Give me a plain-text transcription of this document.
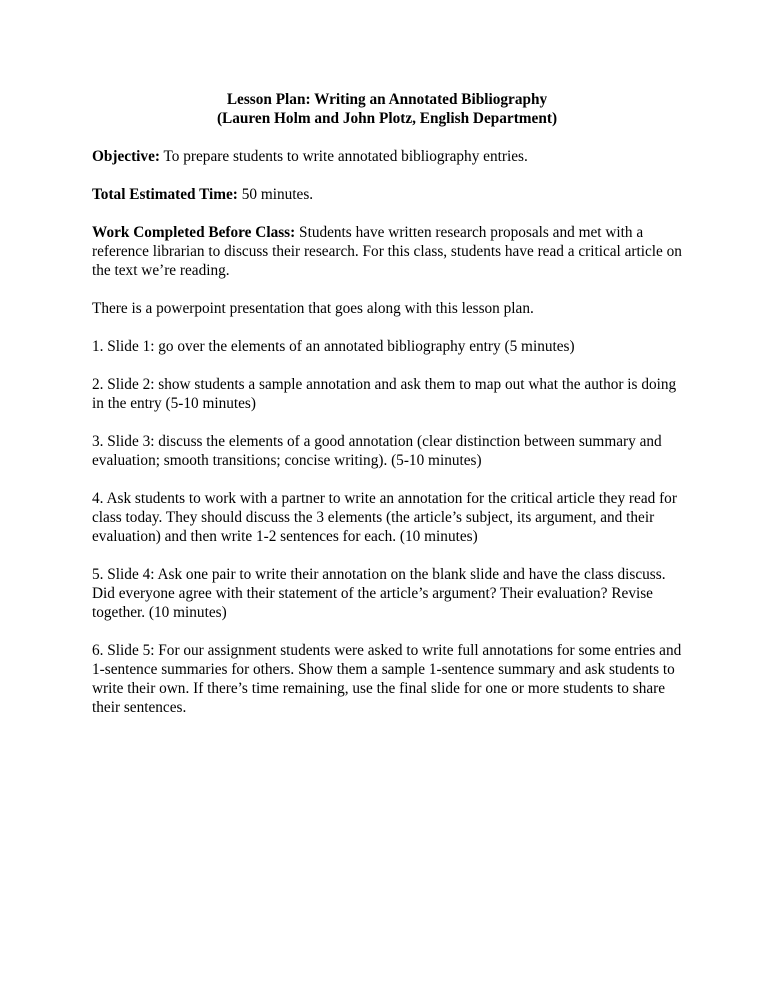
Lesson Plan: Writing an Annotated Bibliography
(Lauren Holm and John Plotz, English Department)

Objective: To prepare students to write annotated bibliography entries.

Total Estimated Time: 50 minutes.

Work Completed Before Class: Students have written research proposals and met with a reference librarian to discuss their research. For this class, students have read a critical article on the text we’re reading.

There is a powerpoint presentation that goes along with this lesson plan.

1. Slide 1: go over the elements of an annotated bibliography entry (5 minutes)

2. Slide 2: show students a sample annotation and ask them to map out what the author is doing in the entry (5-10 minutes)

3. Slide 3: discuss the elements of a good annotation (clear distinction between summary and evaluation; smooth transitions; concise writing). (5-10 minutes)

4. Ask students to work with a partner to write an annotation for the critical article they read for class today. They should discuss the 3 elements (the article’s subject, its argument, and their evaluation) and then write 1-2 sentences for each. (10 minutes)

5. Slide 4: Ask one pair to write their annotation on the blank slide and have the class discuss. Did everyone agree with their statement of the article’s argument? Their evaluation? Revise together. (10 minutes)

6. Slide 5: For our assignment students were asked to write full annotations for some entries and 1-sentence summaries for others. Show them a sample 1-sentence summary and ask students to write their own. If there’s time remaining, use the final slide for one or more students to share their sentences.
